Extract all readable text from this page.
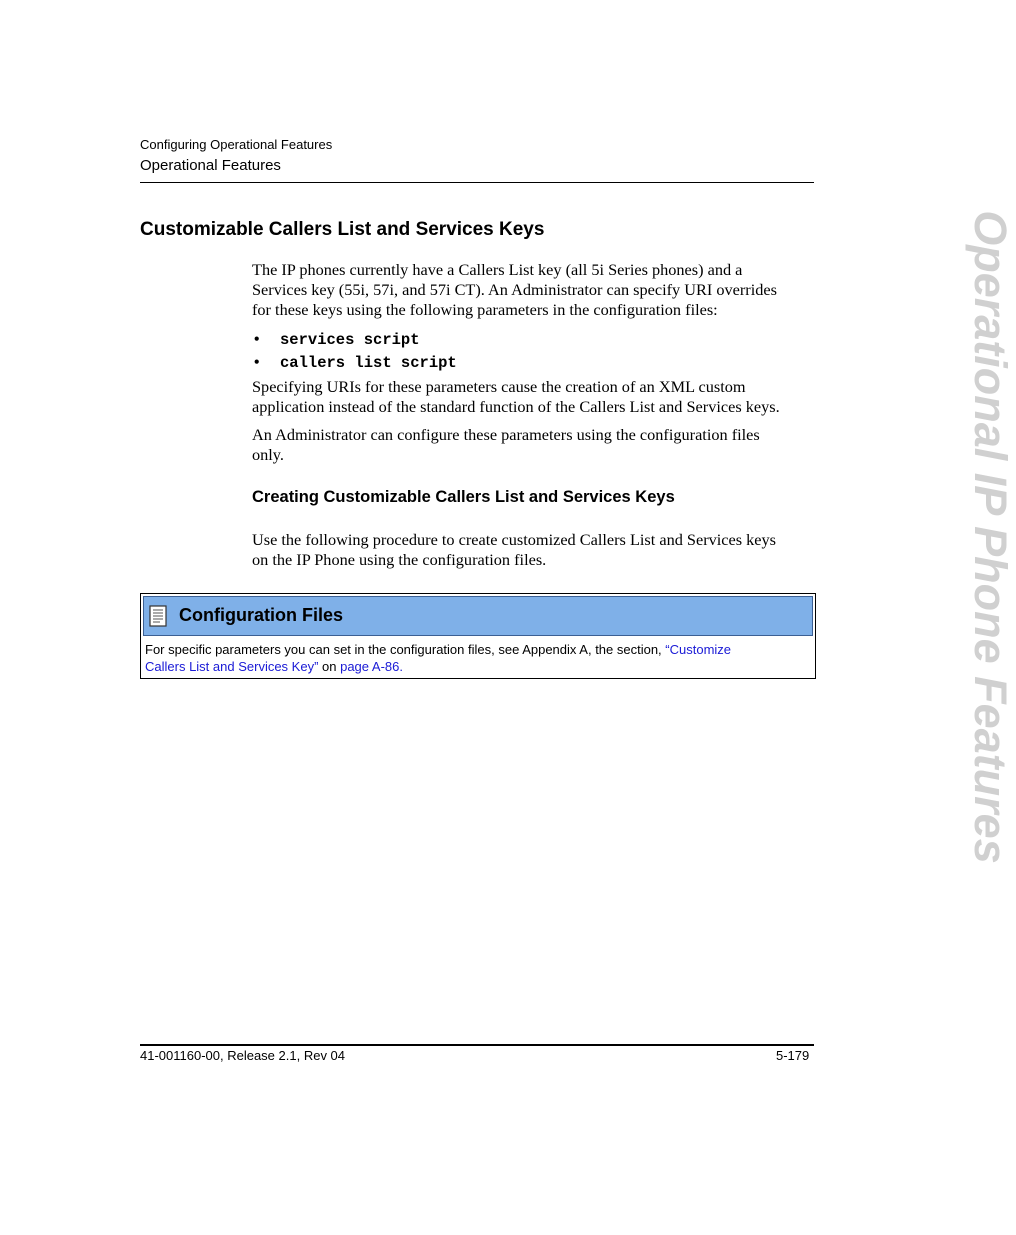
Configuring Operational Features
Operational Features
Operational IP Phone Features
Customizable Callers List and Services Keys
The IP phones currently have a Callers List key (all 5i Series phones) and a
Services key (55i, 57i, and 57i CT). An Administrator can specify URI overrides
for these keys using the following parameters in the configuration files:
• services script
• callers list script
Specifying URIs for these parameters cause the creation of an XML custom
application instead of the standard function of the Callers List and Services keys.
An Administrator can configure these parameters using the configuration files
only.
Creating Customizable Callers List and Services Keys
Use the following procedure to create customized Callers List and Services keys
on the IP Phone using the configuration files.
Configuration Files
For specific parameters you can set in the configuration files, see Appendix A, the section, “Customize
Callers List and Services Key” on page A-86.
41-001160-00, Release 2.1, Rev 04	5-179
